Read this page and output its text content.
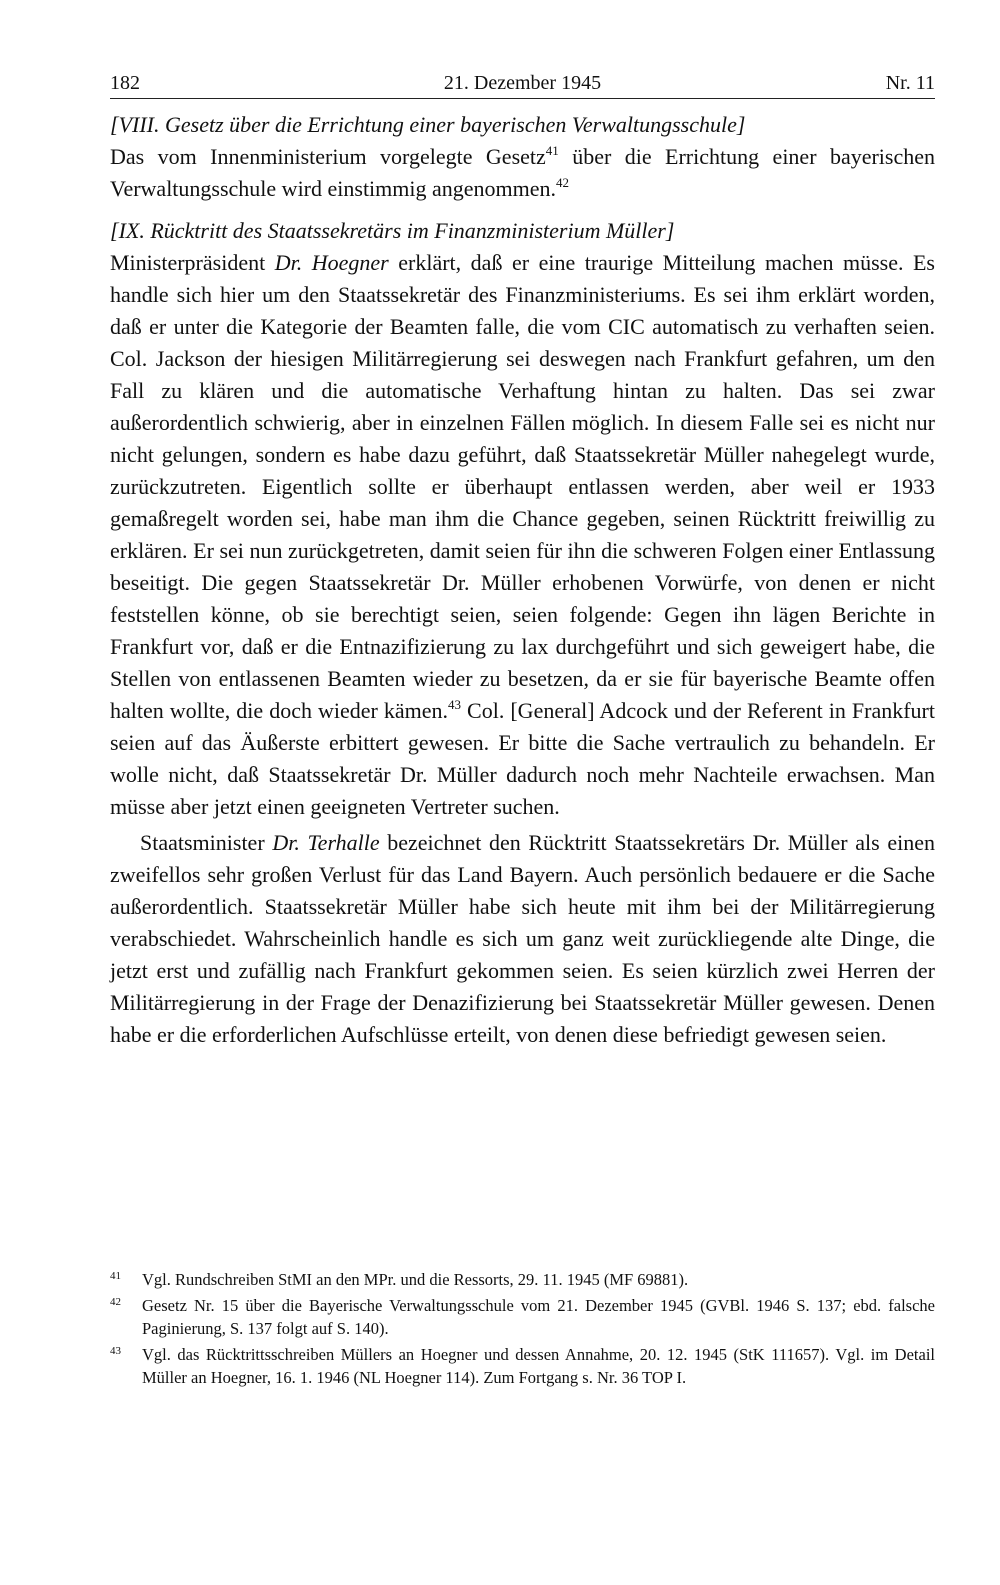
182	21. Dezember 1945	Nr. 11

[VIII. Gesetz über die Errichtung einer bayerischen Verwaltungsschule]

Das vom Innenministerium vorgelegte Gesetz$^{41}$ über die Errichtung einer bayerischen Verwaltungsschule wird einstimmig angenommen.$^{42}$

[IX. Rücktritt des Staatssekretärs im Finanzministerium Müller]

Ministerpräsident Dr. Hoegner erklärt, daß er eine traurige Mitteilung machen müsse. Es handle sich hier um den Staatssekretär des Finanzministeriums. Es sei ihm erklärt worden, daß er unter die Kategorie der Beamten falle, die vom CIC automatisch zu verhaften seien. Col. Jackson der hiesigen Militärregierung sei deswegen nach Frankfurt gefahren, um den Fall zu klären und die automatische Verhaftung hintan zu halten. Das sei zwar außerordentlich schwierig, aber in einzelnen Fällen möglich. In diesem Falle sei es nicht nur nicht gelungen, sondern es habe dazu geführt, daß Staatssekretär Müller nahegelegt wurde, zurückzutreten. Eigentlich sollte er überhaupt entlassen werden, aber weil er 1933 gemaßregelt worden sei, habe man ihm die Chance gegeben, seinen Rücktritt freiwillig zu erklären. Er sei nun zurückgetreten, damit seien für ihn die schweren Folgen einer Entlassung beseitigt. Die gegen Staatssekretär Dr. Müller erhobenen Vorwürfe, von denen er nicht feststellen könne, ob sie berechtigt seien, seien folgende: Gegen ihn lägen Berichte in Frankfurt vor, daß er die Entnazifizierung zu lax durchgeführt und sich geweigert habe, die Stellen von entlassenen Beamten wieder zu besetzen, da er sie für bayerische Beamte offen halten wollte, die doch wieder kämen.$^{43}$ Col. [General] Adcock und der Referent in Frankfurt seien auf das Äußerste erbittert gewesen. Er bitte die Sache vertraulich zu behandeln. Er wolle nicht, daß Staatssekretär Dr. Müller dadurch noch mehr Nachteile erwachsen. Man müsse aber jetzt einen geeigneten Vertreter suchen.

Staatsminister Dr. Terhalle bezeichnet den Rücktritt Staatssekretärs Dr. Müller als einen zweifellos sehr großen Verlust für das Land Bayern. Auch persönlich bedauere er die Sache außerordentlich. Staatssekretär Müller habe sich heute mit ihm bei der Militärregierung verabschiedet. Wahrscheinlich handle es sich um ganz weit zurückliegende alte Dinge, die jetzt erst und zufällig nach Frankfurt gekommen seien. Es seien kürzlich zwei Herren der Militärregierung in der Frage der Denazifizierung bei Staatssekretär Müller gewesen. Denen habe er die erforderlichen Aufschlüsse erteilt, von denen diese befriedigt gewesen seien.

41 Vgl. Rundschreiben StMI an den MPr. und die Ressorts, 29. 11. 1945 (MF 69881).

42 Gesetz Nr. 15 über die Bayerische Verwaltungsschule vom 21. Dezember 1945 (GVBl. 1946 S. 137; ebd. falsche Paginierung, S. 137 folgt auf S. 140).

43 Vgl. das Rücktrittsschreiben Müllers an Hoegner und dessen Annahme, 20. 12. 1945 (StK 111657). Vgl. im Detail Müller an Hoegner, 16. 1. 1946 (NL Hoegner 114). Zum Fortgang s. Nr. 36 TOP I.
